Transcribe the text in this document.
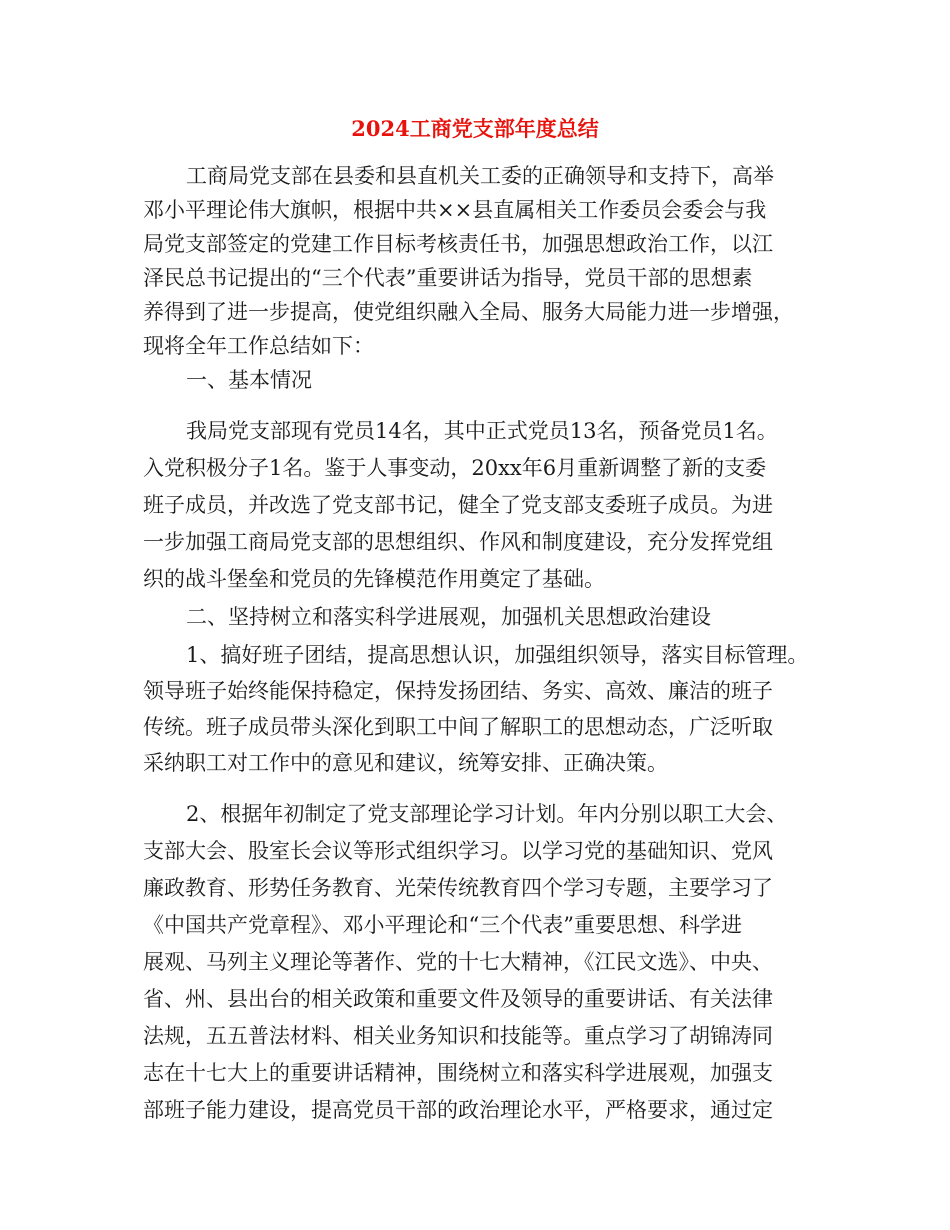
2024工商党支部年度总结

工商局党支部在县委和县直机关工委的正确领导和支持下，高举

邓小平理论伟大旗帜，根据中共××县直属相关工作委员会委会与我

局党支部签定的党建工作目标考核责任书，加强思想政治工作，以江

泽民总书记提出的“三个代表”重要讲话为指导，党员干部的思想素

养得到了进一步提高，使党组织融入全局、服务大局能力进一步增强，

现将全年工作总结如下：

一、基本情况

我局党支部现有党员14名，其中正式党员13名，预备党员1名。

入党积极分子1名。鉴于人事变动，20xx年6月重新调整了新的支委

班子成员，并改选了党支部书记，健全了党支部支委班子成员。为进

一步加强工商局党支部的思想组织、作风和制度建设，充分发挥党组

织的战斗堡垒和党员的先锋模范作用奠定了基础。

二、坚持树立和落实科学进展观，加强机关思想政治建设

1、搞好班子团结，提高思想认识，加强组织领导，落实目标管理。

领导班子始终能保持稳定，保持发扬团结、务实、高效、廉洁的班子

传统。班子成员带头深化到职工中间了解职工的思想动态，广泛听取

采纳职工对工作中的意见和建议，统筹安排、正确决策。

2、根据年初制定了党支部理论学习计划。年内分别以职工大会、

支部大会、股室长会议等形式组织学习。以学习党的基础知识、党风

廉政教育、形势任务教育、光荣传统教育四个学习专题，主要学习了

《中国共产党章程》、邓小平理论和“三个代表”重要思想、科学进

展观、马列主义理论等著作、党的十七大精神，《江民文选》、中央、

省、州、县出台的相关政策和重要文件及领导的重要讲话、有关法律

法规，五五普法材料、相关业务知识和技能等。重点学习了胡锦涛同

志在十七大上的重要讲话精神，围绕树立和落实科学进展观，加强支

部班子能力建设，提高党员干部的政治理论水平，严格要求，通过定
